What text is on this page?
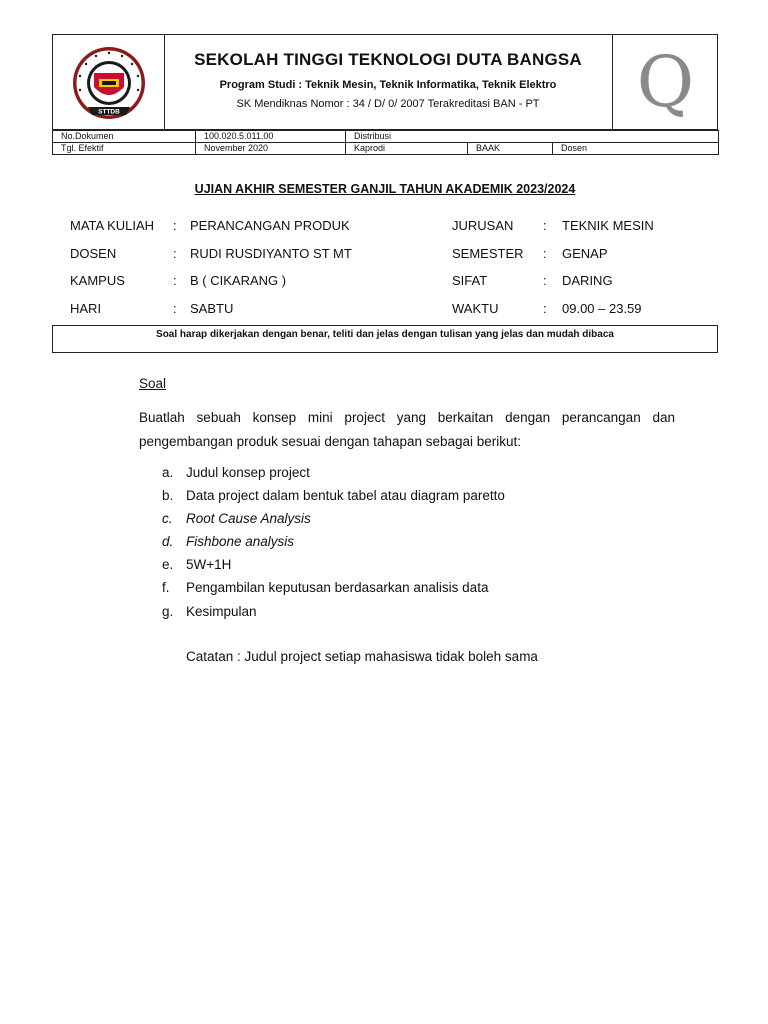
STTDB
SEKOLAH TINGGI TEKNOLOGI DUTA BANGSA
Program Studi : Teknik Mesin, Teknik Informatika, Teknik Elektro
SK Mendiknas Nomor : 34 / D/ 0/ 2007 Terakreditasi BAN - PT	Q
No.Dokumen	100.020.5.011.00	Distribusi		
Tgl. Efektif	November 2020	Kaprodi	BAAK	Dosen
UJIAN AKHIR SEMESTER GANJIL TAHUN AKADEMIK 2023/2024
MATA KULIAH : PERANCANGAN PRODUK	JURUSAN : TEKNIK MESIN
DOSEN	: RUDI RUSDIYANTO ST MT	SEMESTER : GENAP
KAMPUS	: B ( CIKARANG )	SIFAT	: DARING
HARI	: SABTU	WAKTU	: 09.00 – 23.59
Soal harap dikerjakan dengan benar, teliti dan jelas dengan tulisan yang jelas dan mudah dibaca
Soal
Buatlah sebuah konsep mini project yang berkaitan dengan perancangan dan pengembangan produk sesuai dengan tahapan sebagai berikut:
a. Judul konsep project
b. Data project dalam bentuk tabel atau diagram paretto
c. Root Cause Analysis
d. Fishbone analysis
e. 5W+1H
f. Pengambilan keputusan berdasarkan analisis data
g. Kesimpulan
Catatan : Judul project setiap mahasiswa tidak boleh sama
